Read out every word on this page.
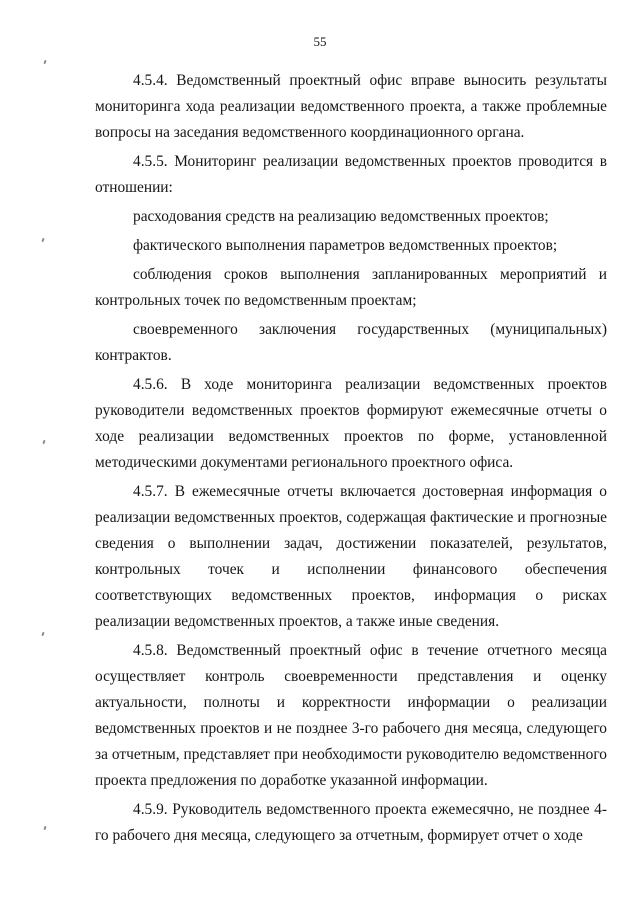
55

4.5.4. Ведомственный проектный офис вправе выносить результаты мониторинга хода реализации ведомственного проекта, а также проблемные вопросы на заседания ведомственного координационного органа.

4.5.5. Мониторинг реализации ведомственных проектов проводится в отношении:

расходования средств на реализацию ведомственных проектов;

фактического выполнения параметров ведомственных проектов;

соблюдения сроков выполнения запланированных мероприятий и контрольных точек по ведомственным проектам;

своевременного заключения государственных (муниципальных) контрактов.

4.5.6. В ходе мониторинга реализации ведомственных проектов руководители ведомственных проектов формируют ежемесячные отчеты о ходе реализации ведомственных проектов по форме, установленной методическими документами регионального проектного офиса.

4.5.7. В ежемесячные отчеты включается достоверная информация о реализации ведомственных проектов, содержащая фактические и прогнозные сведения о выполнении задач, достижении показателей, результатов, контрольных точек и исполнении финансового обеспечения соответствующих ведомственных проектов, информация о рисках реализации ведомственных проектов, а также иные сведения.

4.5.8. Ведомственный проектный офис в течение отчетного месяца осуществляет контроль своевременности представления и оценку актуальности, полноты и корректности информации о реализации ведомственных проектов и не позднее 3-го рабочего дня месяца, следующего за отчетным, представляет при необходимости руководителю ведомственного проекта предложения по доработке указанной информации.

4.5.9. Руководитель ведомственного проекта ежемесячно, не позднее 4-го рабочего дня месяца, следующего за отчетным, формирует отчет о ходе
